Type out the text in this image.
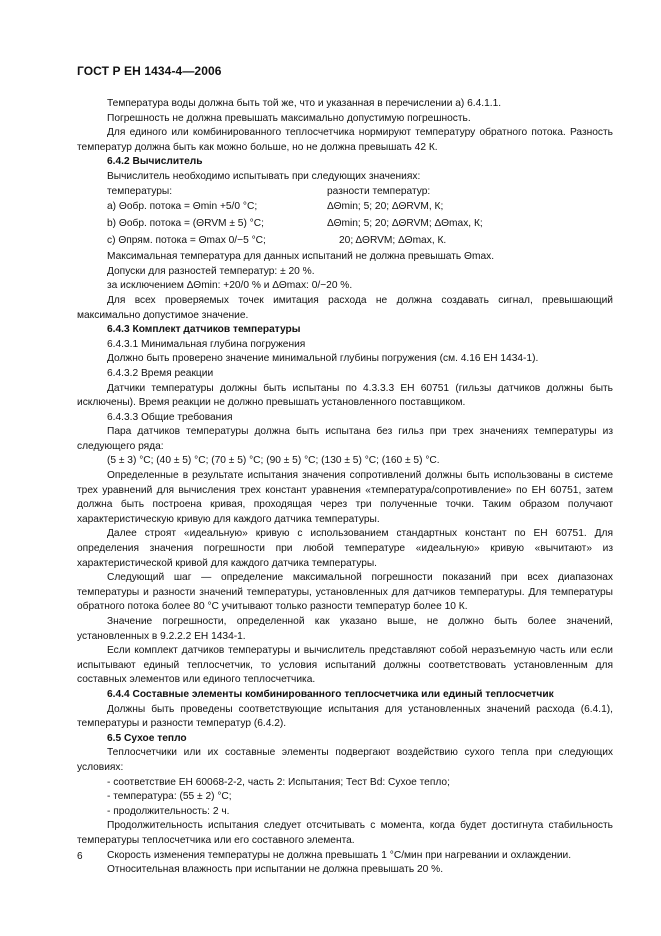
ГОСТ Р ЕН 1434-4—2006

Температура воды должна быть той же, что и указанная в перечислении а) 6.4.1.1.

Погрешность не должна превышать максимально допустимую погрешность.

Для единого или комбинированного теплосчетчика нормируют температуру обратного потока. Разность температур должна быть как можно больше, но не должна превышать 42 К.

6.4.2 Вычислитель

Вычислитель необходимо испытывать при следующих значениях:

температуры:	разности температур:
a) Θобр. потока = Θmin +5/0 °C;	ΔΘmin; 5; 20; ΔΘRVM, К;
b) Θобр. потока = (ΘRVM ± 5) °C;	ΔΘmin; 5; 20; ΔΘRVM; ΔΘmax, К;
c) Θпрям. потока = Θmax 0/−5 °C;	20; ΔΘRVM; ΔΘmax, К.

Максимальная температура для данных испытаний не должна превышать Θmax.

Допуски для разностей температур: ± 20 %.

за исключением ΔΘmin: +20/0 % и ΔΘmax: 0/−20 %.

Для всех проверяемых точек имитация расхода не должна создавать сигнал, превышающий максимально допустимое значение.

6.4.3 Комплект датчиков температуры

6.4.3.1 Минимальная глубина погружения

Должно быть проверено значение минимальной глубины погружения (см. 4.16 ЕН 1434-1).

6.4.3.2 Время реакции

Датчики температуры должны быть испытаны по 4.3.3.3 ЕН 60751 (гильзы датчиков должны быть исключены). Время реакции не должно превышать установленного поставщиком.

6.4.3.3 Общие требования

Пара датчиков температуры должна быть испытана без гильз при трех значениях температуры из следующего ряда:

(5 ± 3) °C; (40 ± 5) °C; (70 ± 5) °C; (90 ± 5) °C; (130 ± 5) °C; (160 ± 5) °C.

Определенные в результате испытания значения сопротивлений должны быть использованы в системе трех уравнений для вычисления трех констант уравнения «температура/сопротивление» по ЕН 60751, затем должна быть построена кривая, проходящая через три полученные точки. Таким образом получают характеристическую кривую для каждого датчика температуры.

Далее строят «идеальную» кривую с использованием стандартных констант по ЕН 60751. Для определения значения погрешности при любой температуре «идеальную» кривую «вычитают» из характеристической кривой для каждого датчика температуры.

Следующий шаг — определение максимальной погрешности показаний при всех диапазонах температуры и разности значений температуры, установленных для датчиков температуры. Для температуры обратного потока более 80 °C учитывают только разности температур более 10 К.

Значение погрешности, определенной как указано выше, не должно быть более значений, установленных в 9.2.2.2 ЕН 1434-1.

Если комплект датчиков температуры и вычислитель представляют собой неразъемную часть или если испытывают единый теплосчетчик, то условия испытаний должны соответствовать установленным для составных элементов или единого теплосчетчика.

6.4.4 Составные элементы комбинированного теплосчетчика или единый теплосчетчик

Должны быть проведены соответствующие испытания для установленных значений расхода (6.4.1), температуры и разности температур (6.4.2).

6.5 Сухое тепло

Теплосчетчики или их составные элементы подвергают воздействию сухого тепла при следующих условиях:

- соответствие ЕН 60068-2-2, часть 2: Испытания; Тест Bd: Сухое тепло;

- температура: (55 ± 2) °C;

- продолжительность: 2 ч.

Продолжительность испытания следует отсчитывать с момента, когда будет достигнута стабильность температуры теплосчетчика или его составного элемента.

Скорость изменения температуры не должна превышать 1 °C/мин при нагревании и охлаждении.

Относительная влажность при испытании не должна превышать 20 %.

6
